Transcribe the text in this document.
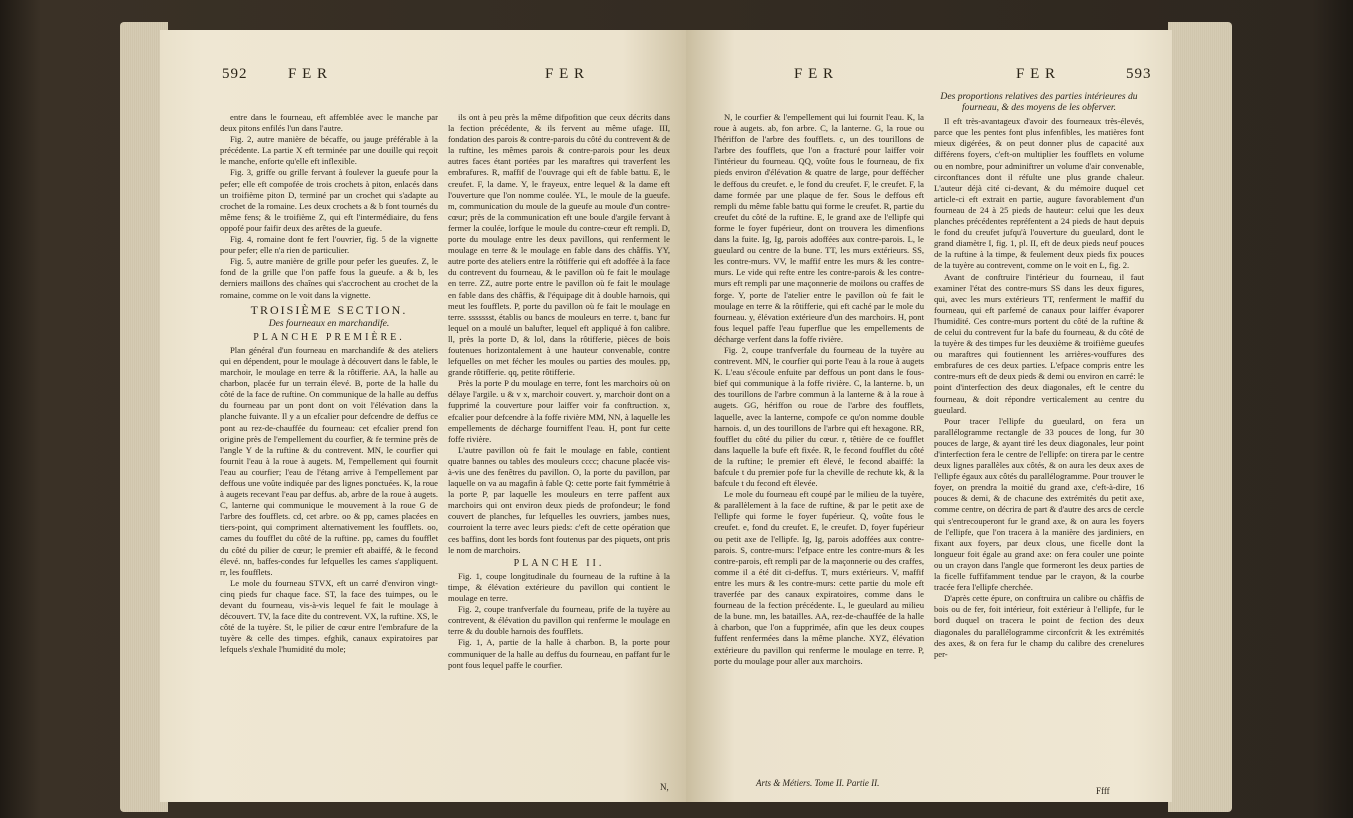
592	F E R	F E R

entre dans le fourneau, eft affemblée avec le manche par deux pitons enfilés l'un dans l'autre.

Fig. 2, autre manière de bécaffe, ou jauge préférable à la précédente. La partie X eft terminée par une douille qui reçoit le manche, enforte qu'elle eft inflexible.

Fig. 3, griffe ou grille fervant à foulever la gueufe pour la pefer; elle eft compofée de trois crochets à piton, enlacés dans un troifième piton D, terminé par un crochet qui s'adapte au crochet de la romaine. Les deux crochets a & b font tournés du même fens; & le troifième Z, qui eft l'intermédiaire, du fens oppofé pour faifir deux des arêtes de la gueufe.

Fig. 4, romaine dont fe fert l'ouvrier, fig. 5 de la vignette pour pefer; elle n'a rien de particulier.

Fig. 5, autre manière de grille pour pefer les gueufes. Z, le fond de la grille que l'on paffe fous la gueufe. a & b, les derniers maillons des chaînes qui s'accrochent au crochet de la romaine, comme on le voit dans la vignette.

TROISIÈME SECTION.

Des fourneaux en marchandife.

PLANCHE PREMIÈRE.

Plan général d'un fourneau en marchandife & des ateliers qui en dépendent, pour le moulage à découvert dans le fable, le marchoir, le moulage en terre & la rôtifferie. AA, la halle au charbon, placée fur un terrain élevé. B, porte de la halle du côté de la face de ruftine. On communique de la halle au deffus du fourneau par un pont dont on voit l'élévation dans la planche fuivante. Il y a un efcalier pour defcendre de deffus ce pont au rez-de-chauffée du fourneau: cet efcalier prend fon origine près de l'empellement du courfier, & fe termine près de l'angle Y de la ruftine & du contrevent. MN, le courfier qui fournit l'eau à la roue à augets. M, l'empellement qui fournit l'eau au courfier; l'eau de l'étang arrive à l'empellement par deffous une voûte indiquée par des lignes ponctuées. K, la roue à augets recevant l'eau par deffus. ab, arbre de la roue à augets. C, lanterne qui communique le mouvement à la roue G de l'arbre des foufflets. cd, cet arbre. oo & pp, cames placées en tiers-point, qui compriment alternativement les foufflets. oo, cames du foufflet du côté de la ruftine. pp, cames du foufflet du côté du pilier de cœur; le premier eft abaiffé, & le fecond élevé. nn, baffes-condes fur lefquelles les cames s'appliquent. rr, les foufflets.

Le mole du fourneau STVX, eft un carré d'environ vingt-cinq pieds fur chaque face. ST, la face des tuimpes, ou le devant du fourneau, vis-à-vis lequel fe fait le moulage à découvert. TV, la face dite du contrevent. VX, la ruftine. XS, le côté de la tuyère. St, le pilier de cœur entre l'embrafure de la tuyère & celle des timpes. efghik, canaux expiratoires par lefquels s'exhale l'humidité du mole;

ils ont à peu près la même difpofition que ceux décrits dans la fection précédente, & ils fervent au même ufage. III, fondation des parois & contre-parois du côté du contrevent & de la ruftine, les mêmes parois & contre-parois pour les deux autres faces étant portées par les maraftres qui traverfent les embrafures. R, maffif de l'ouvrage qui eft de fable battu. E, le creufet. F, la dame. Y, le frayeux, entre lequel & la dame eft l'ouverture que l'on nomme coulée. YL, le moule de la gueufe. m, communication du moule de la gueufe au moule d'un contre-cœur; près de la communication eft une boule d'argile fervant à fermer la coulée, lorfque le moule du contre-cœur eft rempli. D, porte du moulage entre les deux pavillons, qui renferment le moulage en terre & le moulage en fable dans des châffis. YY, autre porte des ateliers entre la rôtifferie qui eft adoffée à la face du contrevent du fourneau, & le pavillon où fe fait le moulage en terre. ZZ, autre porte entre le pavillon où fe fait le moulage en fable dans des châffis, & l'équipage dit à double harnois, qui meut les foufflets. P, porte du pavillon où fe fait le moulage en terre. ssssssst, établis ou bancs de mouleurs en terre. t, banc fur lequel on a moulé un balufter, lequel eft appliqué à fon calibre. ll, près la porte D, & lol, dans la rôtifferie, pièces de bois foutenues horizontalement à une hauteur convenable, contre lefquelles on met fécher les moules ou parties des moules. pp, grande rôtifferie. qq, petite rôtifferie.

Près la porte P du moulage en terre, font les marchoirs où on délaye l'argile. u & v x, marchoir couvert. y, marchoir dont on a fupprimé la couverture pour laiffer voir fa conftruction. x, efcalier pour defcendre à la foffe rivière MM, NN, à laquelle les empellements de décharge fourniffent l'eau. H, pont fur cette foffe rivière.

L'autre pavillon où fe fait le moulage en fable, contient quatre bannes ou tables des mouleurs cccc; chacune placée vis-à-vis une des fenêtres du pavillon. O, la porte du pavillon, par laquelle on va au magafin à fable Q: cette porte fait fymmétrie à la porte P, par laquelle les mouleurs en terre paffent aux marchoirs qui ont environ deux pieds de profondeur; le fond couvert de planches, fur lefquelles les ouvriers, jambes nues, courroient la terre avec leurs pieds: c'eft de cette opération que ces baffins, dont les bords font foutenus par des piquets, ont pris le nom de marchoirs.

PLANCHE II.

Fig. 1, coupe longitudinale du fourneau de la ruftine à la timpe, & élévation extérieure du pavillon qui contient le moulage en terre.

Fig. 2, coupe tranfverfale du fourneau, prife de la tuyère au contrevent, & élévation du pavillon qui renferme le moulage en terre & du double harnois des foufflets.

Fig. 1, A, partie de la halle à charbon. B, la porte pour communiquer de la halle au deffus du fourneau, en paffant fur le pont fous lequel paffe le courfier.

N,
F E R	F E R	593

N, le courfier & l'empellement qui lui fournit l'eau. K, la roue à augets. ab, fon arbre. C, la lanterne. G, la roue ou l'hériffon de l'arbre des foufflets. c, un des tourillons de l'arbre des foufflets, que l'on a fracturé pour laiffer voir l'intérieur du fourneau. QQ, voûte fous le fourneau, de fix pieds environ d'élévation & quatre de large, pour deffécher le deffous du creufet. e, le fond du creufet. F, le creufet. F, la dame formée par une plaque de fer. Sous le deffous eft rempli du même fable battu qui forme le creufet. R, partie du creufet du côté de la ruftine. E, le grand axe de l'ellipfe qui forme le foyer fupérieur, dont on trouvera les dimenfions dans la fuite. Ig, Ig, parois adoffées aux contre-parois. L, le gueulard ou centre de la bune. TT, les murs extérieurs. SS, les contre-murs. VV, le maffif entre les murs & les contre-murs. Le vide qui refte entre les contre-parois & les contre-murs eft rempli par une maçonnerie de moilons ou craffes de forge. Y, porte de l'atelier entre le pavillon où fe fait le moulage en terre & la rôtifferie, qui eft caché par le mole du fourneau. y, élévation extérieure d'un des marchoirs. H, pont fous lequel paffe l'eau fuperflue que les empellements de décharge verfent dans la foffe rivière.

Fig. 2, coupe tranfverfale du fourneau de la tuyère au contrevent. MN, le courfier qui porte l'eau à la roue à augets K. L'eau s'écoule enfuite par deffous un pont dans le fous-bief qui communique à la foffe rivière. C, la lanterne. b, un des tourillons de l'arbre commun à la lanterne & à la roue à augets. GG, hériffon ou roue de l'arbre des foufflets, laquelle, avec la lanterne, compofe ce qu'on nomme double harnois. d, un des tourillons de l'arbre qui eft hexagone. RR, foufflet du côté du pilier du cœur. r, têtière de ce foufflet dans laquelle la bufe eft fixée. R, le fecond foufflet du côté de la ruftine; le premier eft élevé, le fecond abaiffé: la bafcule t du premier pofe fur la cheville de rechute kk, & la bafcule t du fecond eft élevée.

Le mole du fourneau eft coupé par le milieu de la tuyère, & parallèlement à la face de ruftine, & par le petit axe de l'ellipfe qui forme le foyer fupérieur. Q, voûte fous le creufet. e, fond du creufet. E, le creufet. D, foyer fupérieur ou petit axe de l'ellipfe. Ig, Ig, parois adoffées aux contre-parois. S, contre-murs: l'efpace entre les contre-murs & les contre-parois, eft rempli par de la maçonnerie ou des craffes, comme il a été dit ci-deffus. T, murs extérieurs. V, maffif entre les murs & les contre-murs: cette partie du mole eft traverfée par des canaux expiratoires, comme dans le fourneau de la fection précédente. L, le gueulard au milieu de la bune. mn, les batailles. AA, rez-de-chauffée de la halle à charbon, que l'on a fupprimée, afin que les deux coupes fuffent renfermées dans la même planche. XYZ, élévation extérieure du pavillon qui renferme le moulage en terre. P, porte du moulage pour aller aux marchoirs.

Arts & Métiers. Tome II. Partie II.

Des proportions relatives des parties intérieures du fourneau, & des moyens de les obferver.

Il eft très-avantageux d'avoir des fourneaux très-élevés, parce que les pentes font plus infenfibles, les matières font mieux digérées, & on peut donner plus de capacité aux différens foyers, c'eft-on multiplier les foufflets en volume ou en nombre, pour adminiftrer un volume d'air convenable, circonftances dont il réfulte une plus grande chaleur. L'auteur déjà cité ci-devant, & du mémoire duquel cet article-ci eft extrait en partie, augure favorablement d'un fourneau de 24 à 25 pieds de hauteur: celui que les deux planches précédentes repréfentent a 24 pieds de haut depuis le fond du creufet jufqu'à l'ouverture du gueulard, dont le grand diamètre I, fig. 1, pl. II, eft de deux pieds neuf pouces de la ruftine à la timpe, & feulement deux pieds fix pouces de la tuyère au contrevent, comme on le voit en L, fig. 2.

Avant de conftruire l'intérieur du fourneau, il faut examiner l'état des contre-murs SS dans les deux figures, qui, avec les murs extérieurs TT, renferment le maffif du fourneau, qui eft parfemé de canaux pour laiffer évaporer l'humidité. Ces contre-murs portent du côté de la ruftine & de celui du contrevent fur la bafe du fourneau, & du côté de la tuyère & des timpes fur les deuxième & troifième gueufes ou maraftres qui foutiennent les arrières-vouffures des embrafures de ces deux parties. L'efpace compris entre les contre-murs eft de deux pieds & demi ou environ en carré: le point d'interfection des deux diagonales, eft le centre du fourneau, & doit répondre verticalement au centre du gueulard.

Pour tracer l'ellipfe du gueulard, on fera un parallélogramme rectangle de 33 pouces de long, fur 30 pouces de large, & ayant tiré les deux diagonales, leur point d'interfection fera le centre de l'ellipfe: on tirera par le centre deux lignes parallèles aux côtés, & on aura les deux axes de l'ellipfe égaux aux côtés du parallélogramme. Pour trouver le foyer, on prendra la moitié du grand axe, c'eft-à-dire, 16 pouces & demi, & de chacune des extrémités du petit axe, comme centre, on décrira de part & d'autre des arcs de cercle qui s'entrecouperont fur le grand axe, & on aura les foyers de l'ellipfe, que l'on tracera à la manière des jardiniers, en fixant aux foyers, par deux clous, une ficelle dont la longueur foit égale au grand axe: on fera couler une pointe ou un crayon dans l'angle que formeront les deux parties de la ficelle fuffifamment tendue par le crayon, & la courbe tracée fera l'ellipfe cherchée.

D'après cette épure, on conftruira un calibre ou châffis de bois ou de fer, foit intérieur, foit extérieur à l'ellipfe, fur le bord duquel on tracera le point de fection des deux diagonales du parallélogramme circonfcrit & les extrémités des axes, & on fera fur le champ du calibre des crenelures per-

Ffff
